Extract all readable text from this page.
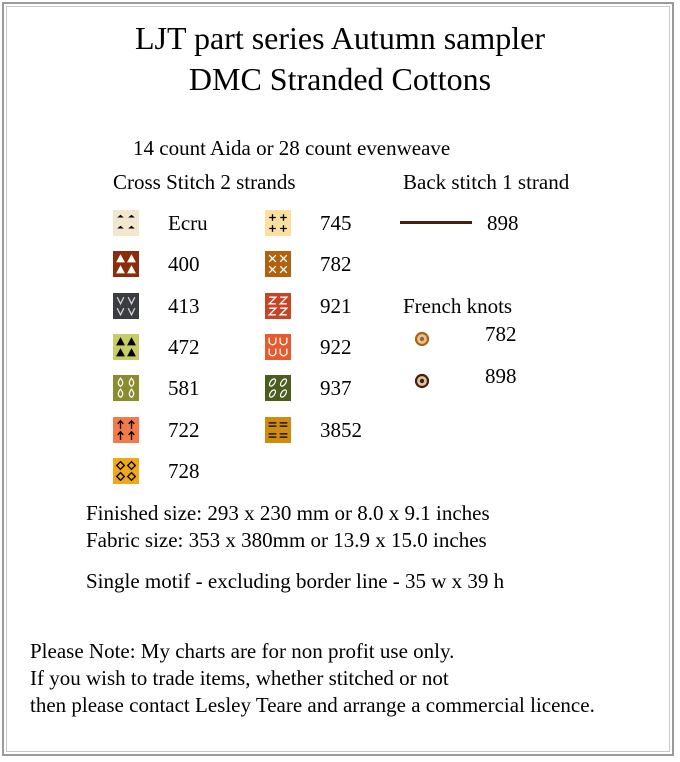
LJT part series Autumn sampler
DMC Stranded Cottons
14 count Aida or 28 count evenweave
Cross Stitch 2 strands	Back stitch 1 strand
Ecru
400
413
472
581
722
728
745
782
921
922
937
3852
898
French knots
782
898
Finished size: 293 x 230 mm or 8.0 x 9.1 inches
Fabric size: 353 x 380mm or 13.9 x 15.0 inches
Single motif - excluding border line - 35 w x 39 h
Please Note: My charts are for non profit use only.
If you wish to trade items, whether stitched or not
then please contact Lesley Teare and arrange a commercial licence.
